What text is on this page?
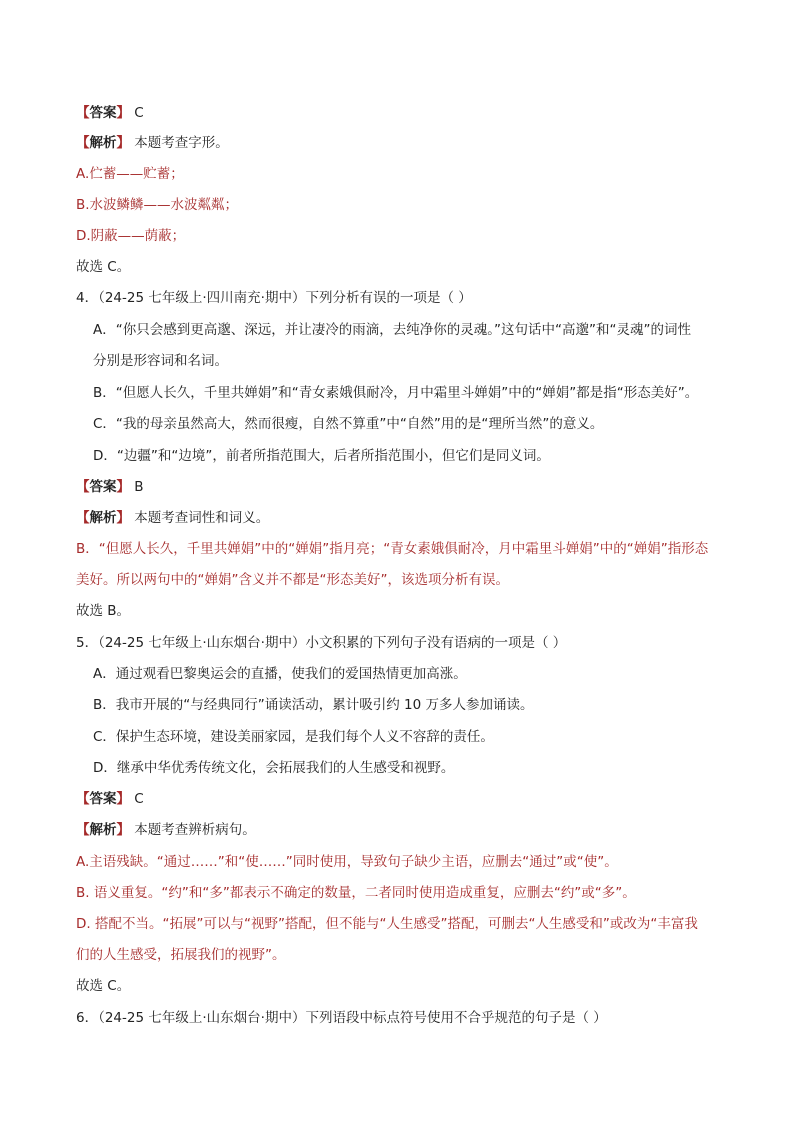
【答案】 C
【解析】 本题考查字形。
A.伫蓄——贮蓄；
B.水波鳞鳞——水波粼粼；
D.阴蔽——荫蔽；
故选 C。
4．（24-25 七年级上·四川南充·期中）下列分析有误的一项是（ ）
A．“你只会感到更高邈、深远，并让凄冷的雨滴，去纯净你的灵魂。”这句话中“高邈”和“灵魂”的词性
分别是形容词和名词。
B．“但愿人长久，千里共婵娟”和“青女素娥俱耐冷，月中霜里斗婵娟”中的“婵娟”都是指“形态美好”。
C．“我的母亲虽然高大，然而很瘦，自然不算重”中“自然”用的是“理所当然”的意义。
D．“边疆”和“边境”，前者所指范围大，后者所指范围小，但它们是同义词。
【答案】 B
【解析】 本题考查词性和词义。
B．“但愿人长久，千里共婵娟”中的“婵娟”指月亮；“青女素娥俱耐冷，月中霜里斗婵娟”中的“婵娟”指形态
美好。所以两句中的“婵娟”含义并不都是“形态美好”，该选项分析有误。
故选 B。
5．（24-25 七年级上·山东烟台·期中）小文积累的下列句子没有语病的一项是（ ）
A．通过观看巴黎奥运会的直播，使我们的爱国热情更加高涨。
B．我市开展的“与经典同行”诵读活动，累计吸引约 10 万多人参加诵读。
C．保护生态环境，建设美丽家园，是我们每个人义不容辞的责任。
D．继承中华优秀传统文化，会拓展我们的人生感受和视野。
【答案】 C
【解析】 本题考查辨析病句。
A.主语残缺。“通过……”和“使……”同时使用，导致句子缺少主语，应删去“通过”或“使”。
B. 语义重复。“约”和“多”都表示不确定的数量，二者同时使用造成重复，应删去“约”或“多”。
D. 搭配不当。“拓展”可以与“视野”搭配，但不能与“人生感受”搭配，可删去“人生感受和”或改为“丰富我
们的人生感受，拓展我们的视野”。
故选 C。
6．（24-25 七年级上·山东烟台·期中）下列语段中标点符号使用不合乎规范的句子是（ ）
